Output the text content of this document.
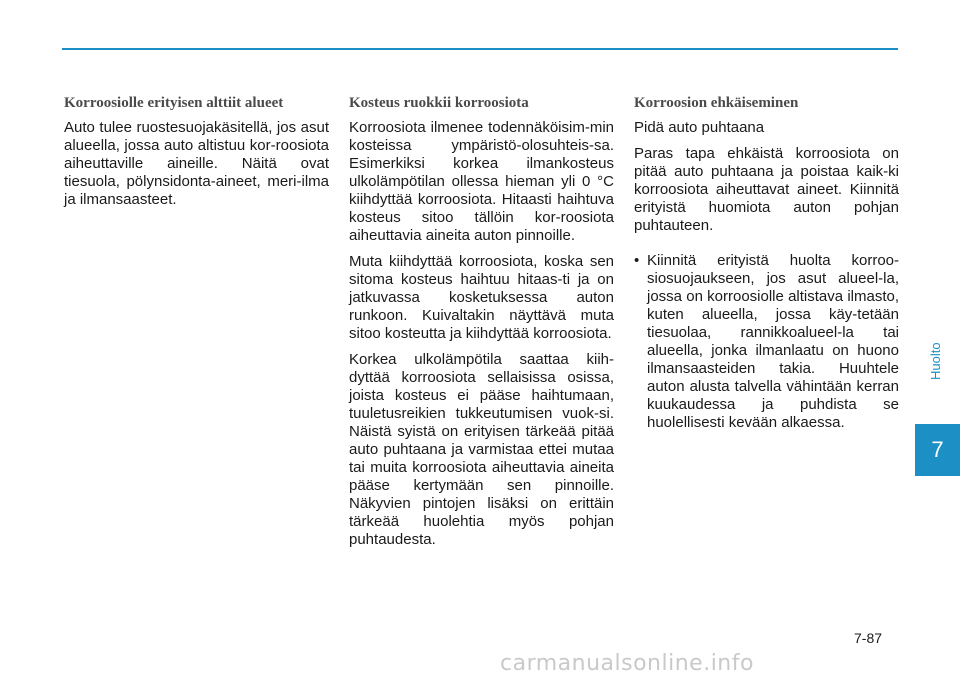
Korroosiolle erityisen alttiit alueet

Auto tulee ruostesuojakäsitellä, jos asut alueella, jossa auto altistuu kor-roosiota aiheuttaville aineille. Näitä ovat tiesuola, pölynsidonta-aineet, meri-ilma ja ilmansaasteet.

Kosteus ruokkii korroosiota

Korroosiota ilmenee todennäköisim-min kosteissa ympäristö-olosuhteis-sa. Esimerkiksi korkea ilmankosteus ulkolämpötilan ollessa hieman yli 0 °C kiihdyttää korroosiota. Hitaasti haihtuva kosteus sitoo tällöin kor-roosiota aiheuttavia aineita auton pinnoille.

Muta kiihdyttää korroosiota, koska sen sitoma kosteus haihtuu hitaas-ti ja on jatkuvassa kosketuksessa auton runkoon. Kuivaltakin näyttävä muta sitoo kosteutta ja kiihdyttää korroosiota.

Korkea ulkolämpötila saattaa kiih-dyttää korroosiota sellaisissa osissa, joista kosteus ei pääse haihtumaan, tuuletusreikien tukkeutumisen vuok-si. Näistä syistä on erityisen tärkeää pitää auto puhtaana ja varmistaa ettei mutaa tai muita korroosiota aiheuttavia aineita pääse kertymään sen pinnoille. Näkyvien pintojen lisäksi on erittäin tärkeää huolehtia myös pohjan puhtaudesta.

Korroosion ehkäiseminen

Pidä auto puhtaana

Paras tapa ehkäistä korroosiota on pitää auto puhtaana ja poistaa kaik-ki korroosiota aiheuttavat aineet. Kiinnitä erityistä huomiota auton pohjan puhtauteen.

• Kiinnitä erityistä huolta korroo-siosuojaukseen, jos asut alueel-la, jossa on korroosiolle altistava ilmasto, kuten alueella, jossa käy-tetään tiesuolaa, rannikkoalueel-la tai alueella, jonka ilmanlaatu on huono ilmansaasteiden takia. Huuhtele auton alusta talvella vähintään kerran kuukaudessa ja puhdista se huolellisesti kevään alkaessa.
Huolto
7
7-87
carmanualsonline.info
